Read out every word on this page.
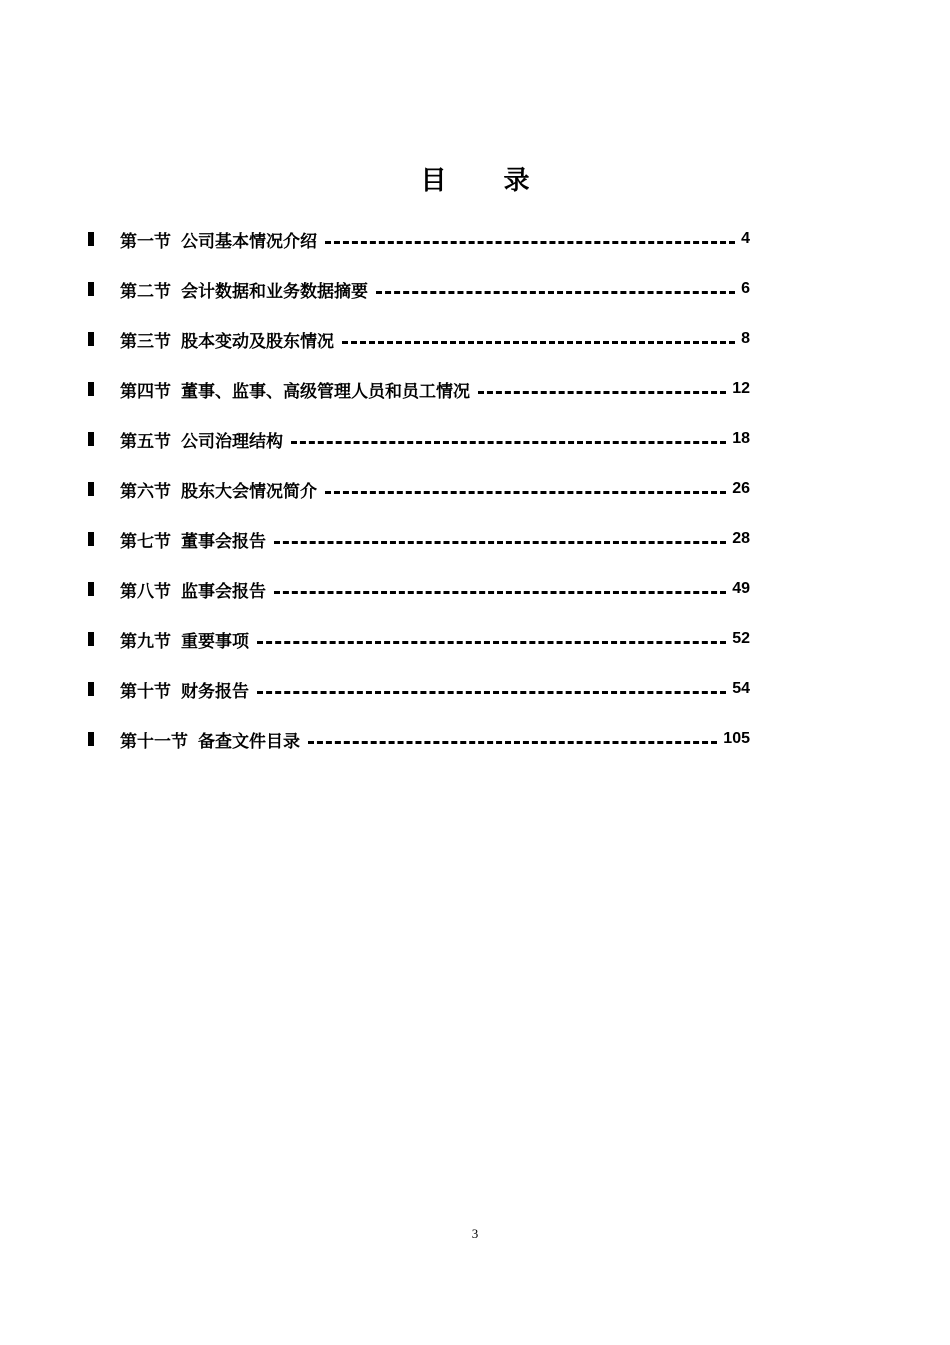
目 录
第一节 公司基本情况介绍	4
第二节 会计数据和业务数据摘要	6
第三节 股本变动及股东情况	8
第四节 董事、监事、高级管理人员和员工情况	12
第五节 公司治理结构	18
第六节 股东大会情况简介	26
第七节 董事会报告	28
第八节 监事会报告	49
第九节 重要事项	52
第十节 财务报告	54
第十一节 备查文件目录	105
3
